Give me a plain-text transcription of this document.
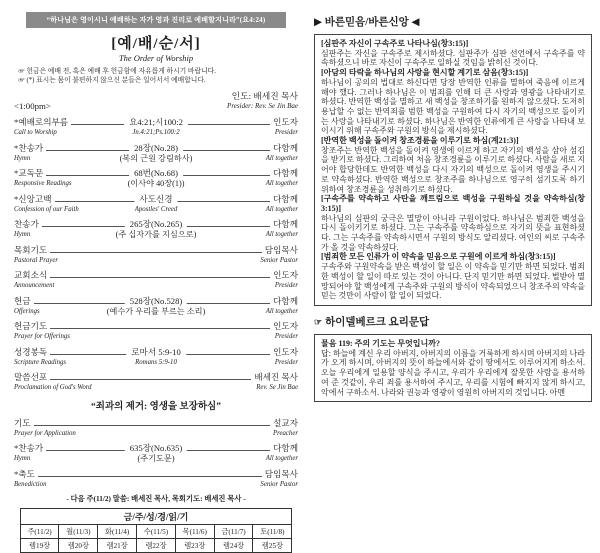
“하나님은 영이시니 예배하는 자가 영과 진리로 예배할지니라”(요4:24)
[예/배/순/서]
The Order of Worship
☞ 헌금은 예배 전, 혹은 예배 후 헌금함에 자유롭게 하시기 바랍니다.
☞ (*) 표시는 몸이 불편하지 않으신 분들은 일어서서 예배합니다.
<1:00pm>
인도: 배세진 목사
Presider: Rev. Se Jin Bae
*예배로의부름	요4:21;시100:2	인도자
Call to Worship	Jn.4:21;Ps.100:2	Presider
*찬송가	28장(No.28)	다함께
Hymn	(복의 근원 강림하사)	All together
*교독문	68번(No.68)	다함께
Responsive Readings	(이사야 40장(1))	All together
*신앙고백	사도신경	다함께
Confession of our Faith	Apostles' Creed	All together
찬송가	265장(No.265)	다함께
Hymn	(주 십자가를 지심으로)	All together
목회기도	담임목사
Pastoral Prayer	Senior Pastor
교회소식	인도자
Announcement	Presider
헌금	528장(No.528)	다함께
Offerings	(예수가 우리를 부르는 소리)	All together
헌금기도	인도자
Prayer for Offerings	Presider
성경봉독	로마서 5:9-10	인도자
Scripture Readings	Romans 5:9-10	Presider
말씀선포	배세진 목사
Proclamation of God's Word	Rev. Se Jin Bae
“죄과의 제거: 영생을 보장하심”
기도	설교자
Prayer for Application	Preacher
*찬송가	635장(No.635)	다함께
Hymn	(주기도문)	All together
*축도	담임목사
Benediction	Senior Pastor
- 다음 주(11/2) 말씀: 배세진 목사, 목회기도: 배세진 목사 -
금/주/성/경/읽/기						
주(11/2)	월(11/3)	화(11/4)	수(11/5)	목(11/6)	금(11/7)	토(11/8)
렘19장	렘20장	렘21장	렘22장	렘23장	렘24장	렘25장
▶ 바른믿음/바른신앙 ◀
[심판주 자신이 구속주로 나타나심(창3:15)]
심판주는 자신을 구속주로 제시하셨다. 심판주가 심판 선언에서 구속주를 약속하셨으니 바로 자신이 구속주로 일하실 것임을 밝히신 것이다.
[아담의 타락을 하나님의 사랑을 현시할 계기로 삼음(창3:15)]
하나님이 공의의 법대로 하신다면 당장 반역한 인류를 멸하여 죽음에 이르게 해야 했다. 그러나 하나님은 이 범죄를 인해 더 큰 사랑과 영광을 나타내기로 하셨다. 반역한 백성을 멸하고 새 백성을 창조하기를 원하지 않으셨다. 도저히 용납할 수 없는 반역죄를 범한 백성을 구원하여 다시 자기의 백성으로 돌이키는 사랑을 나타내기로 하셨다. 하나님은 반역한 인류에게 큰 사랑을 나타내 보이시기 위해 구속주와 구원의 방식을 제시하셨다.
[반역한 백성을 돌이켜 창조경륜을 이루기로 하심(계21:3)]
창조주는 반역한 백성을 돌이켜 영생에 이르게 하고 자기의 백성을 삼아 섬김을 받기로 하셨다. 그리하여 처음 창조경륜을 이루기로 하셨다. 사람을 새로 지어야 합당한데도 반역한 백성을 다시 자기의 백성으로 돌이켜 영생을 주시기로 약속하셨다. 반역한 백성으로 창조주를 하나님으로 영구히 섬기도록 하기 위하여 창조경륜을 성취하기로 하셨다.
[구속주를 약속하고 사탄을 깨트림으로 백성을 구원하실 것을 약속하심(창3:15)]
하나님의 심판의 궁극은 멸망이 아니라 구원이었다. 하나님은 범죄한 백성을 다시 돌이키기로 하셨다. 그는 구속주를 약속하심으로 자기의 뜻을 표현하셨다. 그는 구속주를 약속하시면서 구원의 방식도 알리셨다. 여인의 씨로 구속주가 올 것을 약속하셨다.
[범죄한 모든 인류가 이 약속을 믿음으로 구원에 이르게 하심(창3:15)]
구속주와 구원약속을 받은 백성이 할 일은 이 약속을 믿기만 하면 되었다. 범죄한 백성이 할 일이 따로 있는 것이 아니다. 단지 믿기만 하면 되었다. 벌받아 멸망되어야 할 백성에게 구속주와 구원의 방식이 약속되었으니 창조주의 약속을 믿는 것만이 사람이 할 일이 되었다.
☞ 하이델베르크 요리문답
물음 119: 주의 기도는 무엇입니까?
답: 하늘에 계신 우리 아버지, 아버지의 이름을 거룩하게 하시며 아버지의 나라가 오게 하시며, 아버지의 뜻이 하늘에서와 같이 땅에서도 이루어지게 하소서. 오늘 우리에게 일용할 양식을 주시고, 우리가 우리에게 잘못한 사람을 용서하여 준 것같이, 우리 죄를 용서하여 주시고, 우리를 시험에 빠지지 않게 하시고, 악에서 구하소서. 나라와 권능과 영광이 영원히 아버지의 것입니다. 아멘
